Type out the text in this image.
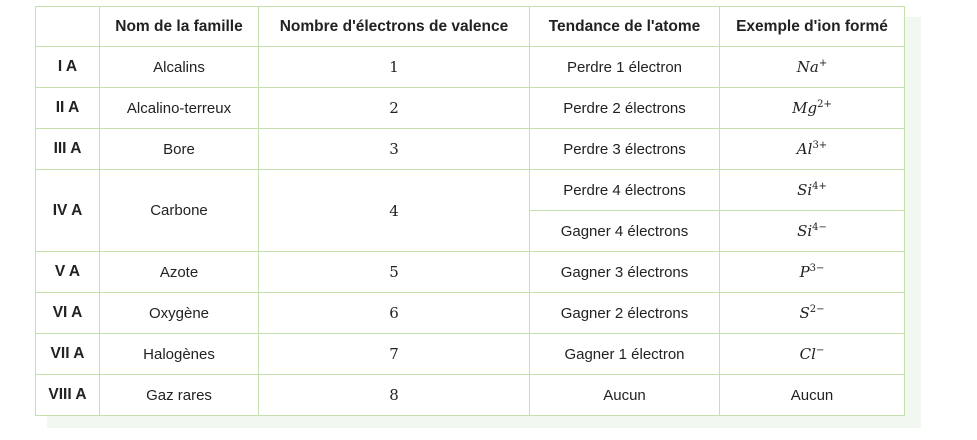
	Nom de la famille	Nombre d'électrons de valence	Tendance de l'atome	Exemple d'ion formé
I A	Alcalins	1	Perdre 1 électron	Na+
II A	Alcalino-terreux	2	Perdre 2 électrons	$Mg^{2+}$
III A	Bore	3	Perdre 3 électrons	$Al^{3+}$
IV A	Carbone	4	Perdre 4 électrons	$Si^{4+}$
			Gagner 4 électrons	$Si^{4-}$
V A	Azote	5	Gagner 3 électrons	$P^{3-}$
VI A	Oxygène	6	Gagner 2 électrons	$S^{2-}$
VII A	Halogènes	7	Gagner 1 électron	Cl−
VIII A	Gaz rares	8	Aucun	Aucun
